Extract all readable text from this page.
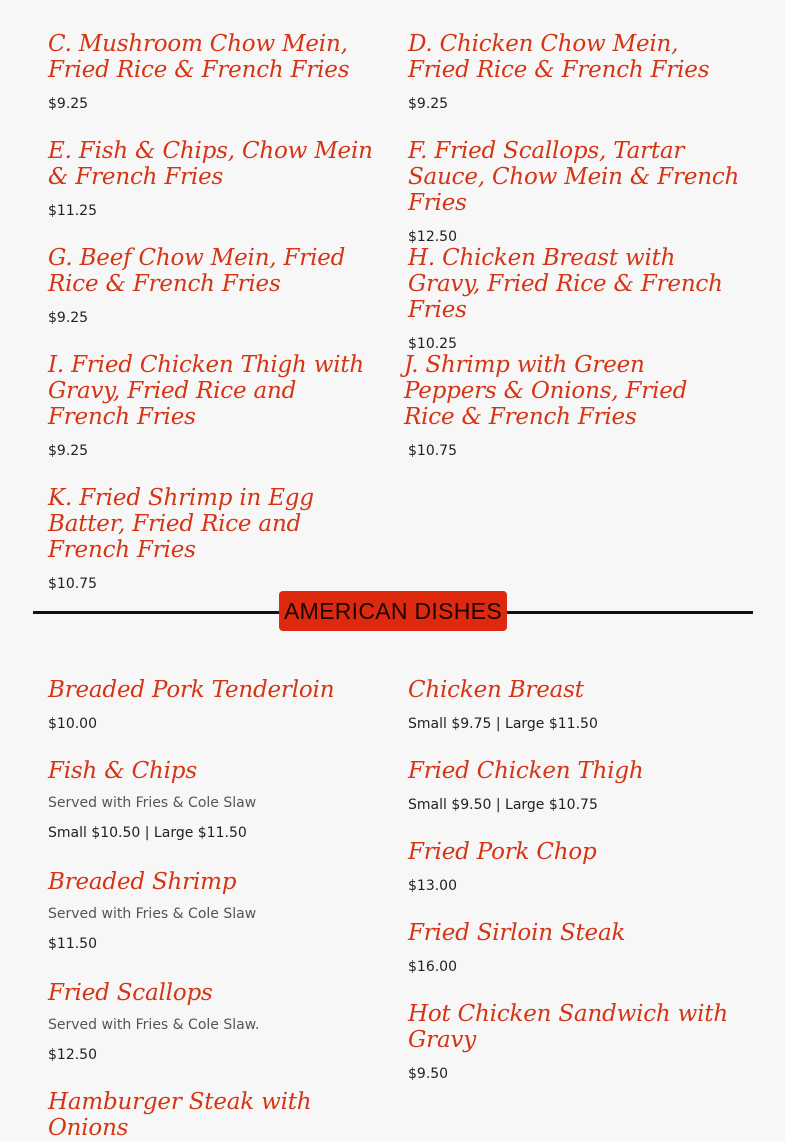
C. Mushroom Chow Mein, Fried Rice & French Fries
$9.25
E. Fish & Chips, Chow Mein & French Fries
$11.25
G. Beef Chow Mein, Fried Rice & French Fries
$9.25
I. Fried Chicken Thigh with Gravy, Fried Rice and French Fries
$9.25
K. Fried Shrimp in Egg Batter, Fried Rice and French Fries
$10.75
Breaded Pork Tenderloin
$10.00
Fish & Chips
Served with Fries & Cole Slaw
Small $10.50 | Large $11.50
Breaded Shrimp
Served with Fries & Cole Slaw
$11.50
Fried Scallops
Served with Fries & Cole Slaw.
$12.50
Hamburger Steak with Onions
D. Chicken Chow Mein, Fried Rice & French Fries
$9.25
F. Fried Scallops, Tartar Sauce, Chow Mein & French Fries
$12.50
H. Chicken Breast with Gravy, Fried Rice & French Fries
$10.25
J. Shrimp with Green Peppers & Onions, Fried Rice & French Fries
$10.75
Chicken Breast
Small $9.75 | Large $11.50
Fried Chicken Thigh
Small $9.50 | Large $10.75
Fried Pork Chop
$13.00
Fried Sirloin Steak
$16.00
Hot Chicken Sandwich with Gravy
$9.50
AMERICAN DISHES
